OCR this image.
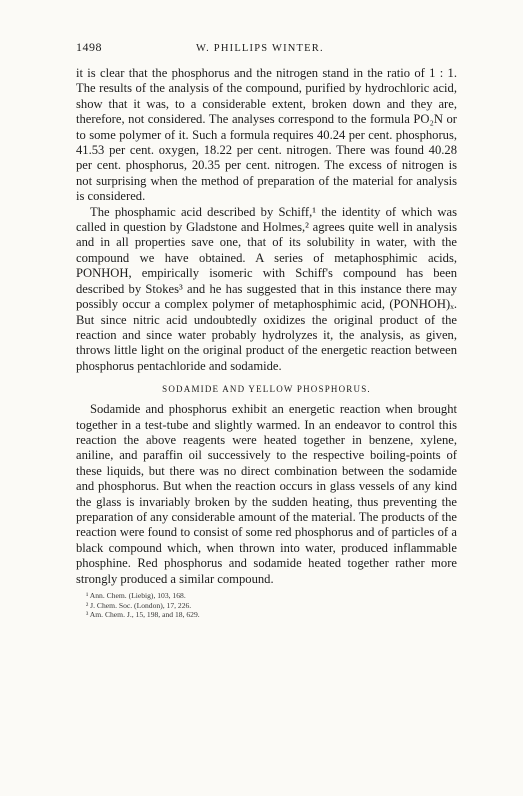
1498	W. PHILLIPS WINTER.

it is clear that the phosphorus and the nitrogen stand in the ratio of 1 : 1. The results of the analysis of the compound, purified by hydrochloric acid, show that it was, to a considerable extent, broken down and they are, therefore, not considered. The analyses correspond to the formula PO₂N or to some polymer of it. Such a formula requires 40.24 per cent. phosphorus, 41.53 per cent. oxygen, 18.22 per cent. nitrogen. There was found 40.28 per cent. phosphorus, 20.35 per cent. nitrogen. The excess of nitrogen is not surprising when the method of preparation of the material for analysis is considered.

The phosphamic acid described by Schiff,¹ the identity of which was called in question by Gladstone and Holmes,² agrees quite well in analysis and in all properties save one, that of its solubility in water, with the compound we have obtained. A series of metaphosphimic acids, PONHOH, empirically isomeric with Schiff's compound has been described by Stokes³ and he has suggested that in this instance there may possibly occur a complex polymer of metaphosphimic acid, (PONHOH)ₓ. But since nitric acid undoubtedly oxidizes the original product of the reaction and since water probably hydrolyzes it, the analysis, as given, throws little light on the original product of the energetic reaction between phosphorus pentachloride and sodamide.

SODAMIDE AND YELLOW PHOSPHORUS.

Sodamide and phosphorus exhibit an energetic reaction when brought together in a test-tube and slightly warmed. In an endeavor to control this reaction the above reagents were heated together in benzene, xylene, aniline, and paraffin oil successively to the respective boiling-points of these liquids, but there was no direct combination between the sodamide and phosphorus. But when the reaction occurs in glass vessels of any kind the glass is invariably broken by the sudden heating, thus preventing the preparation of any considerable amount of the material. The products of the reaction were found to consist of some red phosphorus and of particles of a black compound which, when thrown into water, produced inflammable phosphine. Red phosphorus and sodamide heated together rather more strongly produced a similar compound.

¹ Ann. Chem. (Liebig), 103, 168.
² J. Chem. Soc. (London), 17, 226.
³ Am. Chem. J., 15, 198, and 18, 629.
